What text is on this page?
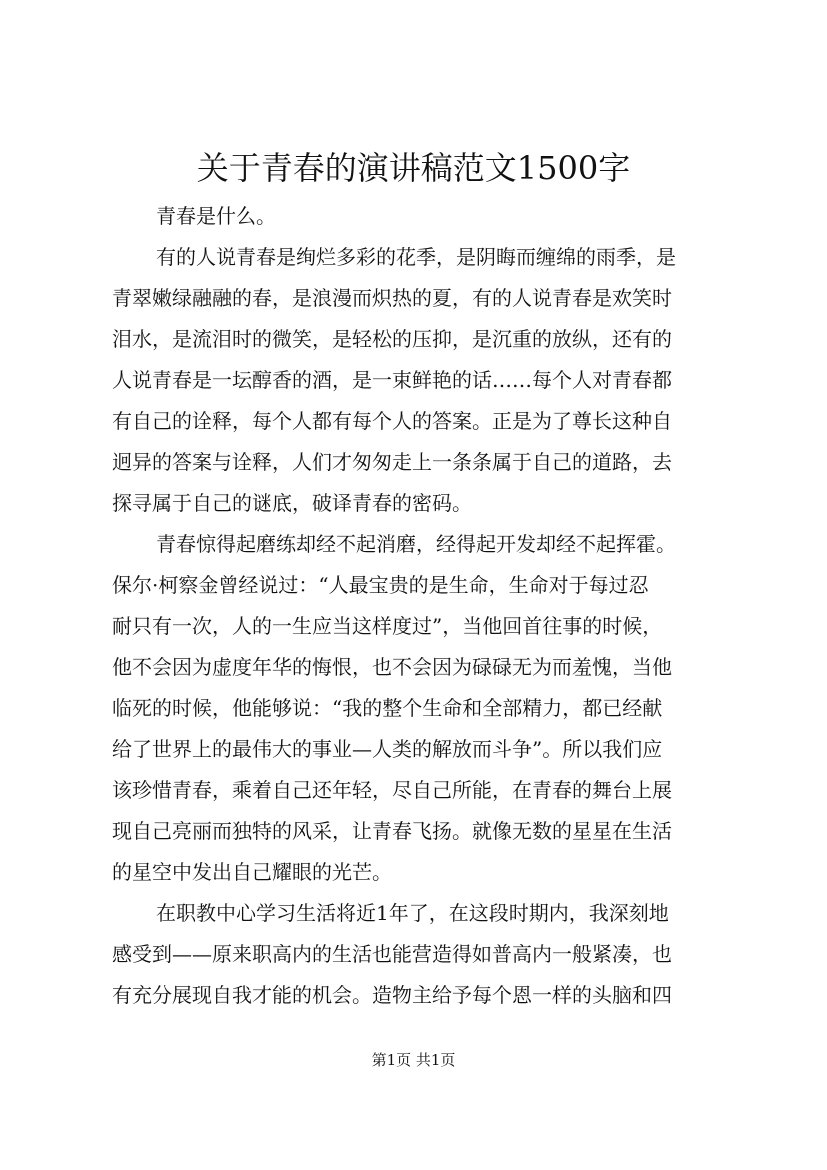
关于青春的演讲稿范文1500字
青春是什么。
有的人说青春是绚烂多彩的花季，是阴晦而缠绵的雨季，是
青翠嫩绿融融的春，是浪漫而炽热的夏，有的人说青春是欢笑时
泪水，是流泪时的微笑，是轻松的压抑，是沉重的放纵，还有的
人说青春是一坛醇香的酒，是一束鲜艳的话……每个人对青春都
有自己的诠释，每个人都有每个人的答案。正是为了尊长这种自
迥异的答案与诠释，人们才匆匆走上一条条属于自己的道路，去
探寻属于自己的谜底，破译青春的密码。
青春惊得起磨练却经不起消磨，经得起开发却经不起挥霍。
保尔·柯察金曾经说过：“人最宝贵的是生命，生命对于每过忍
耐只有一次，人的一生应当这样度过”，当他回首往事的时候，
他不会因为虚度年华的悔恨，也不会因为碌碌无为而羞愧，当他
临死的时候，他能够说：“我的整个生命和全部精力，都已经献
给了世界上的最伟大的事业—人类的解放而斗争”。所以我们应
该珍惜青春，乘着自己还年轻，尽自己所能，在青春的舞台上展
现自己亮丽而独特的风采，让青春飞扬。就像无数的星星在生活
的星空中发出自己耀眼的光芒。
在职教中心学习生活将近1年了，在这段时期内，我深刻地
感受到——原来职高内的生活也能营造得如普高内一般紧凑，也
有充分展现自我才能的机会。造物主给予每个恩一样的头脑和四
第1页 共1页
